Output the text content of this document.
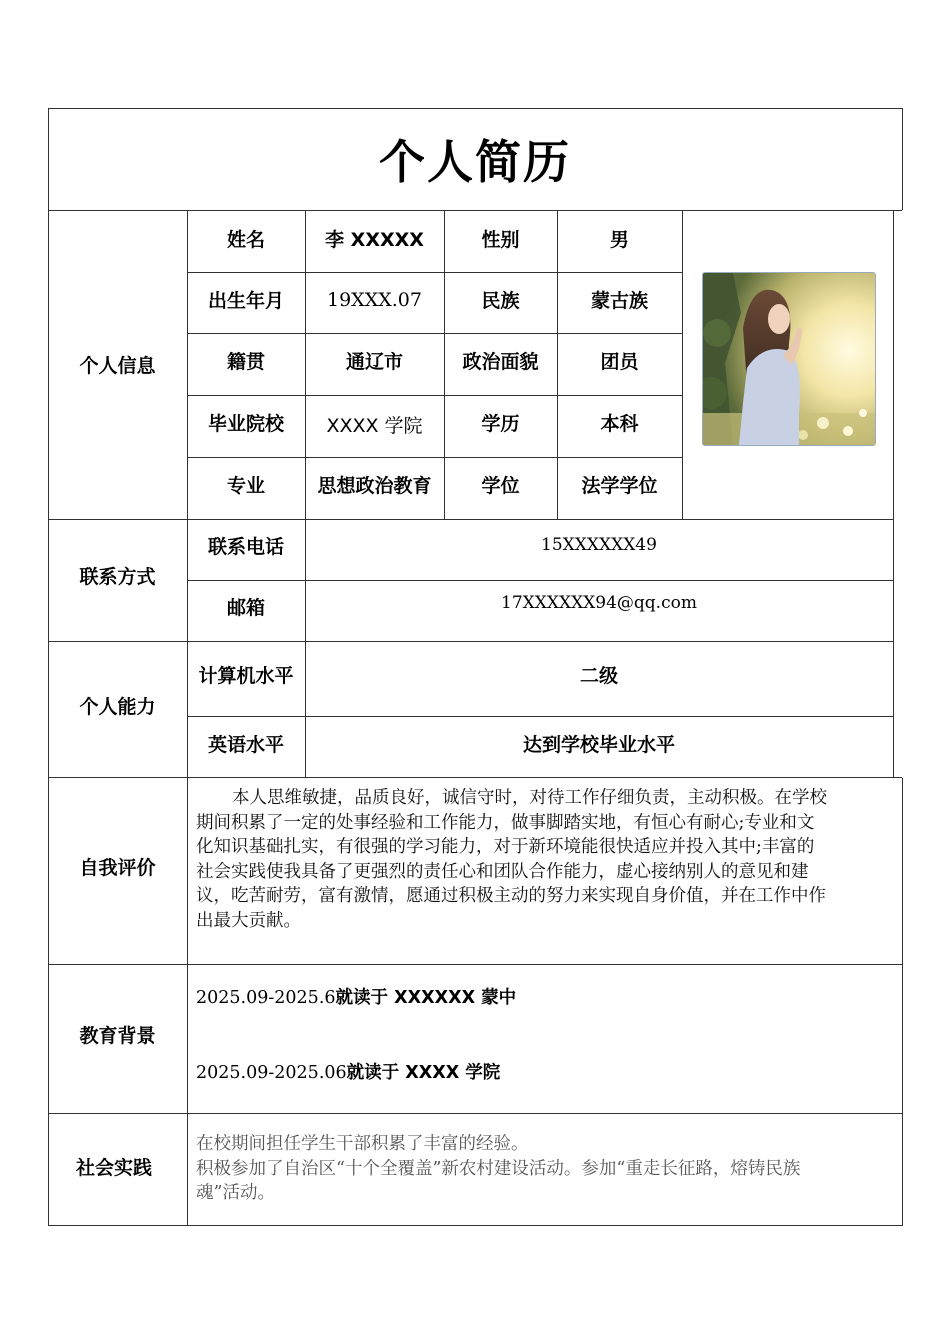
个人简历
个人信息
姓名	李 XXXXX	性别	男
出生年月	19XXX.07	民族	蒙古族
籍贯	通辽市	政治面貌	团员
毕业院校	XXXX 学院	学历	本科
专业	思想政治教育	学位	法学学位
联系方式
联系电话	15XXXXXX49
邮箱	17XXXXXX94@qq.com
个人能力
计算机水平	二级
英语水平	达到学校毕业水平
自我评价
本人思维敏捷，品质良好，诚信守时，对待工作仔细负责，主动积极。在学校
期间积累了一定的处事经验和工作能力，做事脚踏实地，有恒心有耐心;专业和文
化知识基础扎实，有很强的学习能力，对于新环境能很快适应并投入其中;丰富的
社会实践使我具备了更强烈的责任心和团队合作能力，虚心接纳别人的意见和建
议，吃苦耐劳，富有激情，愿通过积极主动的努力来实现自身价值，并在工作中作
出最大贡献。
教育背景
2025.09-2025.6就读于 XXXXXX 蒙中
2025.09-2025.06就读于 XXXX 学院
社会实践
在校期间担任学生干部积累了丰富的经验。
积极参加了自治区“十个全覆盖”新农村建设活动。参加“重走长征路，熔铸民族
魂”活动。
